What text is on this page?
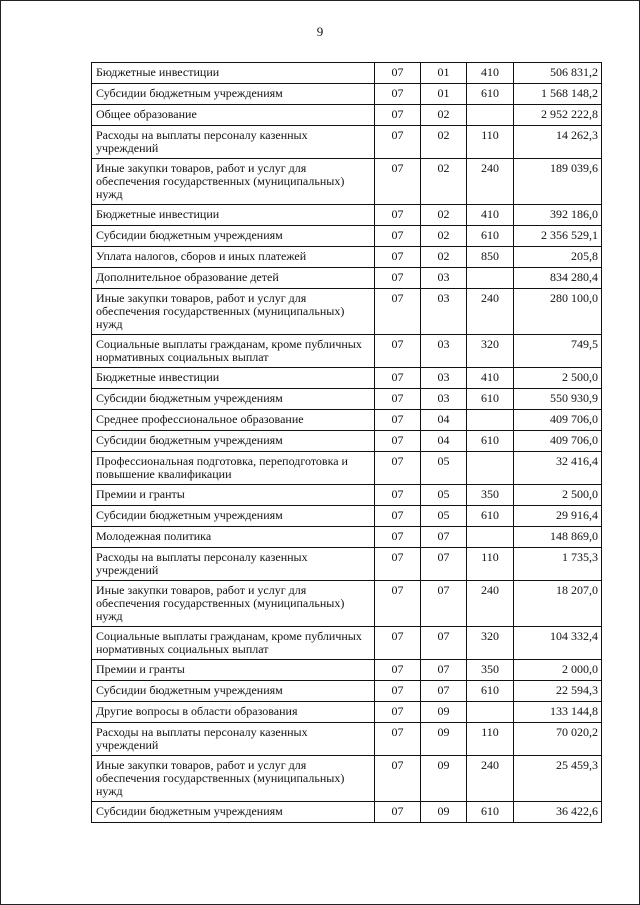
9
Бюджетные инвестиции	07	01	410	506 831,2
Субсидии бюджетным учреждениям	07	01	610	1 568 148,2
Общее образование	07	02		2 952 222,8
Расходы на выплаты персоналу казенных учреждений	07	02	110	14 262,3
Иные закупки товаров, работ и услуг для обеспечения государственных (муниципальных) нужд	07	02	240	189 039,6
Бюджетные инвестиции	07	02	410	392 186,0
Субсидии бюджетным учреждениям	07	02	610	2 356 529,1
Уплата налогов, сборов и иных платежей	07	02	850	205,8
Дополнительное образование детей	07	03		834 280,4
Иные закупки товаров, работ и услуг для обеспечения государственных (муниципальных) нужд	07	03	240	280 100,0
Социальные выплаты гражданам, кроме публичных нормативных социальных выплат	07	03	320	749,5
Бюджетные инвестиции	07	03	410	2 500,0
Субсидии бюджетным учреждениям	07	03	610	550 930,9
Среднее профессиональное образование	07	04		409 706,0
Субсидии бюджетным учреждениям	07	04	610	409 706,0
Профессиональная подготовка, переподготовка и повышение квалификации	07	05		32 416,4
Премии и гранты	07	05	350	2 500,0
Субсидии бюджетным учреждениям	07	05	610	29 916,4
Молодежная политика	07	07		148 869,0
Расходы на выплаты персоналу казенных учреждений	07	07	110	1 735,3
Иные закупки товаров, работ и услуг для обеспечения государственных (муниципальных) нужд	07	07	240	18 207,0
Социальные выплаты гражданам, кроме публичных нормативных социальных выплат	07	07	320	104 332,4
Премии и гранты	07	07	350	2 000,0
Субсидии бюджетным учреждениям	07	07	610	22 594,3
Другие вопросы в области образования	07	09		133 144,8
Расходы на выплаты персоналу казенных учреждений	07	09	110	70 020,2
Иные закупки товаров, работ и услуг для обеспечения государственных (муниципальных) нужд	07	09	240	25 459,3
Субсидии бюджетным учреждениям	07	09	610	36 422,6
